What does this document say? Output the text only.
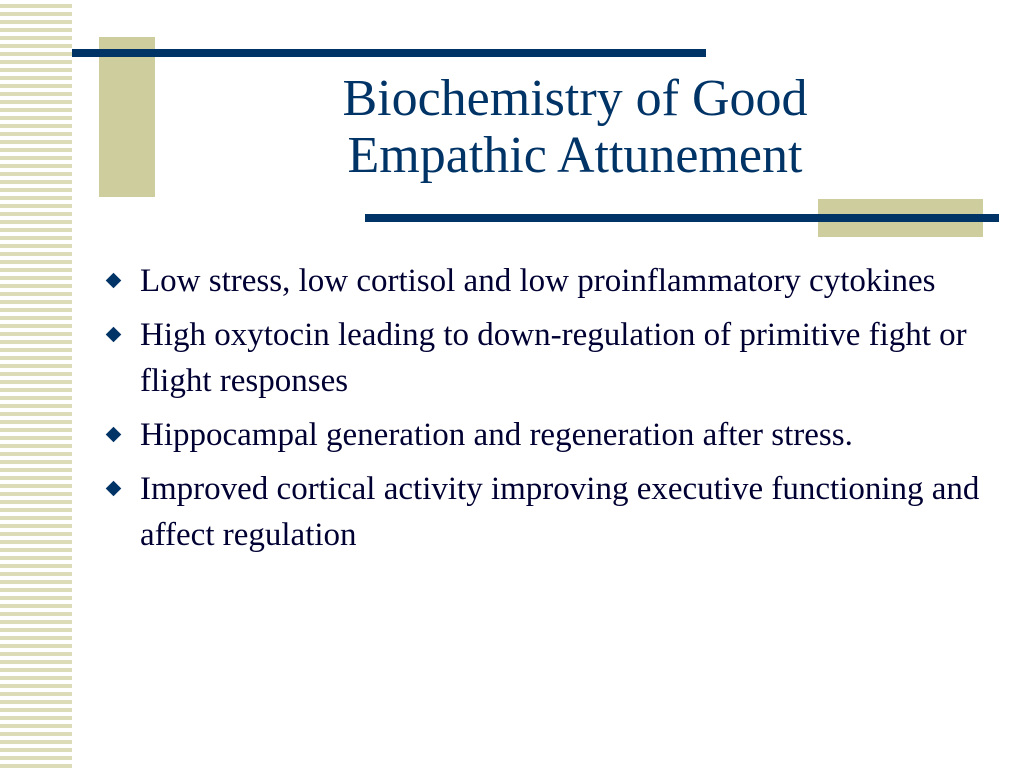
Biochemistry of Good
Empathic Attunement
Low stress, low cortisol and low proinflammatory cytokines
High oxytocin leading to down-regulation of primitive fight or flight responses
Hippocampal generation and regeneration after stress.
Improved cortical activity improving executive functioning and affect regulation
